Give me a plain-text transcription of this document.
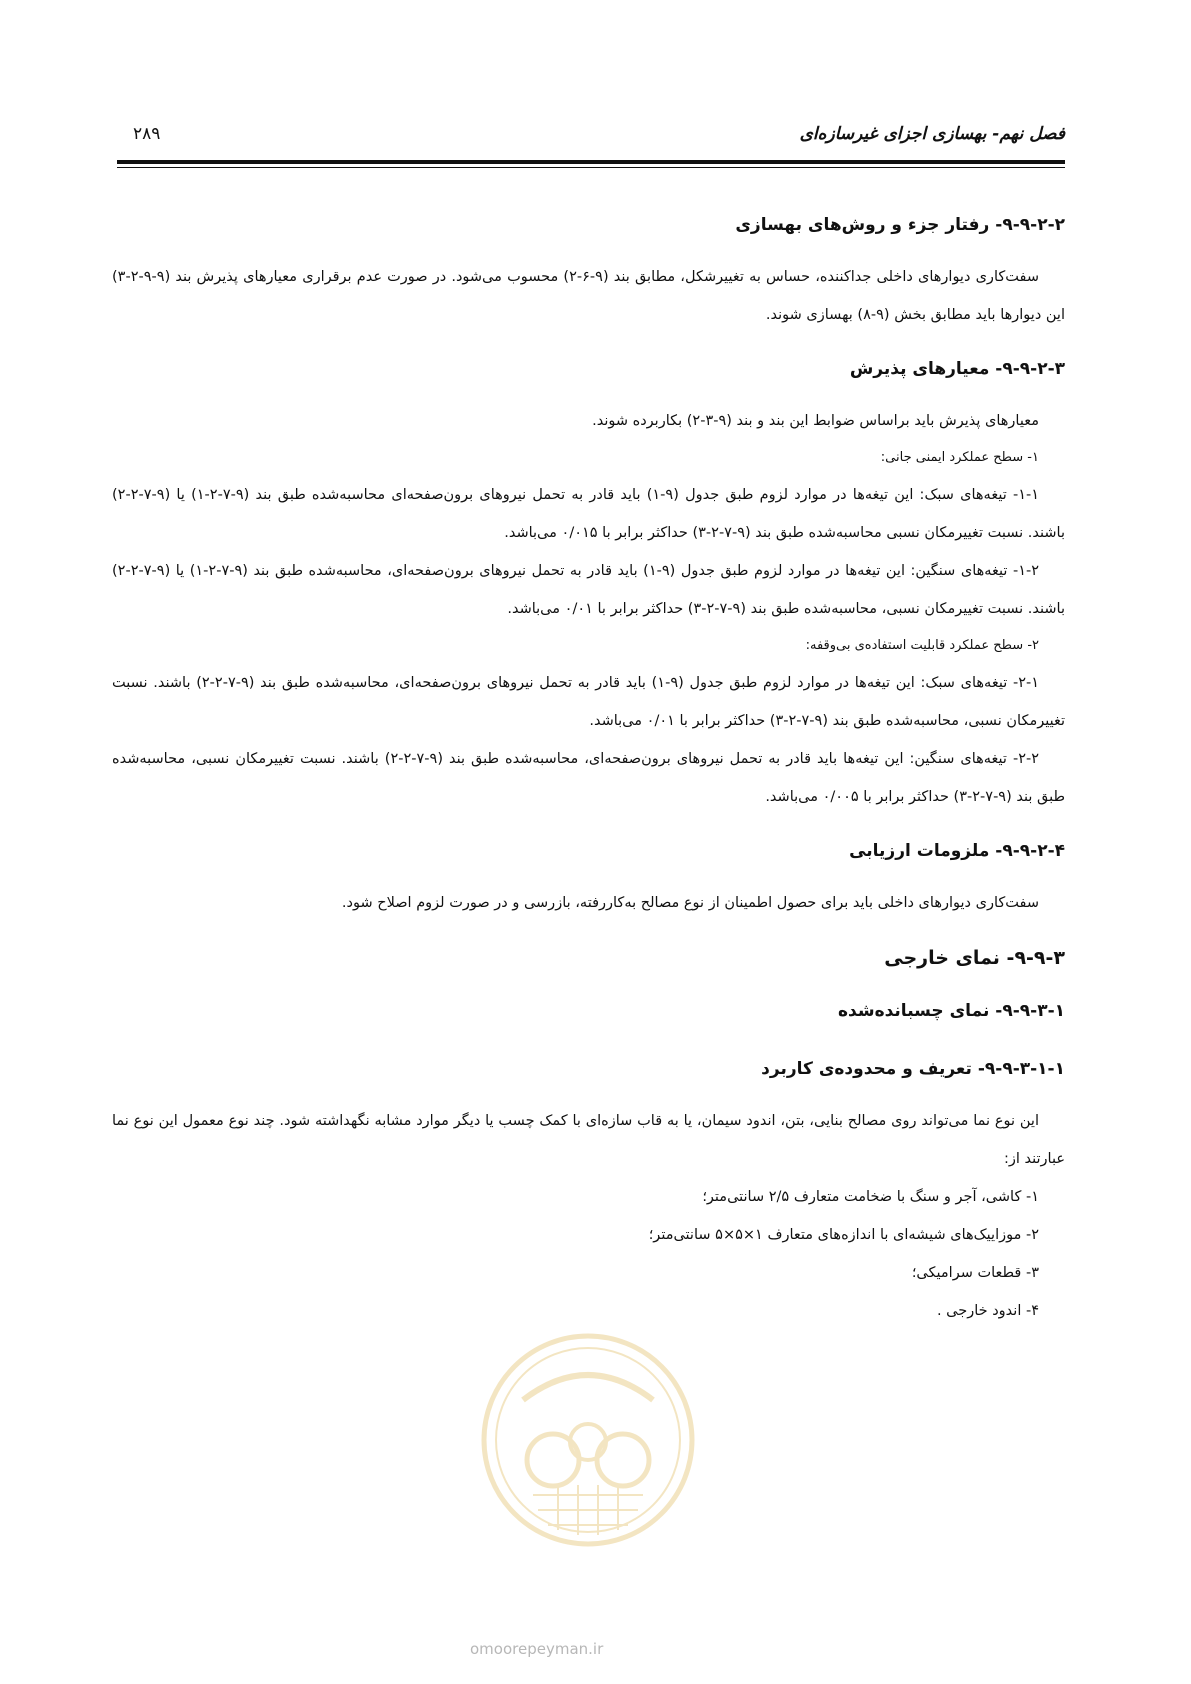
فصل نهم- بهسازی اجزای غیرسازه‌ای
۲۸۹
۹-۹-۲-۲- رفتار جزء و روش‌های بهسازی

سفت‌کاری دیوارهای داخلی جداکننده، حساس به تغییرشکل، مطابق بند (۹-۶-۲) محسوب می‌شود. در صورت عدم برقراری معیارهای پذیرش بند (۹-۹-۲-۳) این دیوارها باید مطابق بخش (۹-۸) بهسازی شوند.

۹-۹-۲-۳- معیارهای پذیرش

معیارهای پذیرش باید براساس ضوابط این بند و بند (۹-۳-۲) بکاربرده شوند.

۱- سطح عملکرد ایمنی جانی:

۱-۱- تیغه‌های سبک: این تیغه‌ها در موارد لزوم طبق جدول (۹-۱) باید قادر به تحمل نیروهای برون‌صفحه‌ای محاسبه‌شده طبق بند (۹-۷-۲-۱) یا (۹-۷-۲-۲) باشند. نسبت تغییرمکان نسبی محاسبه‌شده طبق بند (۹-۷-۲-۳) حداکثر برابر با ۰/۰۱۵ می‌باشد.

۱-۲- تیغه‌های سنگین: این تیغه‌ها در موارد لزوم طبق جدول (۹-۱) باید قادر به تحمل نیروهای برون‌صفحه‌ای، محاسبه‌شده طبق بند (۹-۷-۲-۱) یا (۹-۷-۲-۲) باشند. نسبت تغییرمکان نسبی، محاسبه‌شده طبق بند (۹-۷-۲-۳) حداکثر برابر با ۰/۰۱ می‌باشد.

۲- سطح عملکرد قابلیت استفاده‌ی بی‌وقفه:

۲-۱- تیغه‌های سبک: این تیغه‌ها در موارد لزوم طبق جدول (۹-۱) باید قادر به تحمل نیروهای برون‌صفحه‌ای، محاسبه‌شده طبق بند (۹-۷-۲-۲) باشند. نسبت تغییرمکان نسبی، محاسبه‌شده طبق بند (۹-۷-۲-۳) حداکثر برابر با ۰/۰۱ می‌باشد.

۲-۲- تیغه‌های سنگین: این تیغه‌ها باید قادر به تحمل نیروهای برون‌صفحه‌ای، محاسبه‌شده طبق بند (۹-۷-۲-۲) باشند. نسبت تغییرمکان نسبی، محاسبه‌شده طبق بند (۹-۷-۲-۳) حداکثر برابر با ۰/۰۰۵ می‌باشد.

۹-۹-۲-۴- ملزومات ارزیابی

سفت‌کاری دیوارهای داخلی باید برای حصول اطمینان از نوع مصالح به‌کاررفته، بازرسی و در صورت لزوم اصلاح شود.

۹-۹-۳- نمای خارجی
۹-۹-۳-۱- نمای چسبانده‌شده
۹-۹-۳-۱-۱- تعریف و محدوده‌ی کاربرد

این نوع نما می‌تواند روی مصالح بنایی، بتن، اندود سیمان، یا به قاب سازه‌ای با کمک چسب یا دیگر موارد مشابه نگهداشته شود. چند نوع معمول این نوع نما عبارتند از:

۱- کاشی، آجر و سنگ با ضخامت متعارف ۲/۵ سانتی‌متر؛
۲- موزاییک‌های شیشه‌ای با اندازه‌های متعارف ۱×۵×۵ سانتی‌متر؛
۳- قطعات سرامیکی؛
۴- اندود خارجی .
omoorepeyman.ir
